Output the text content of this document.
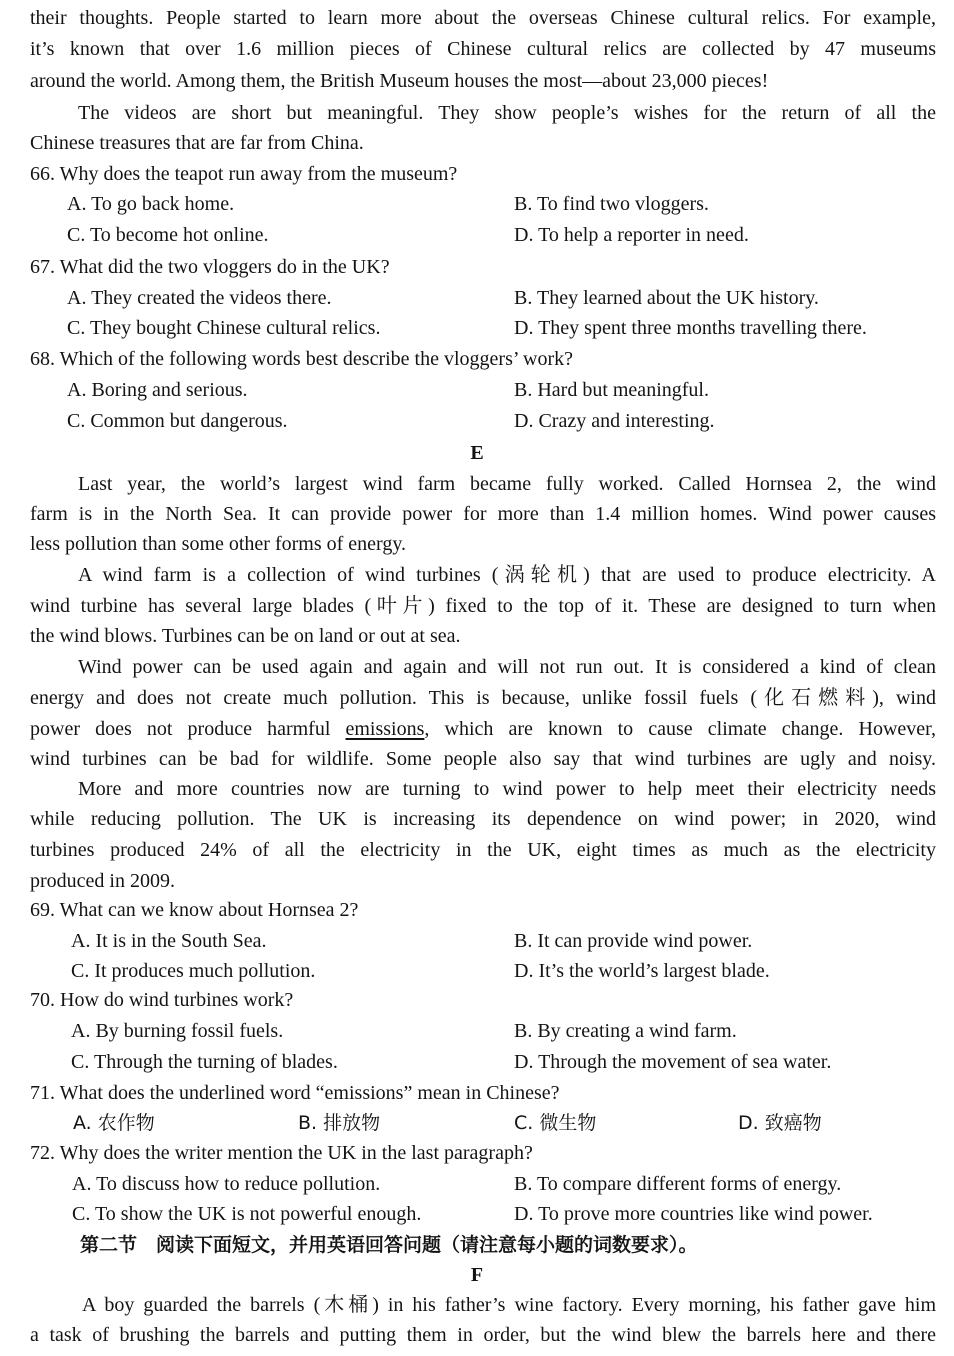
their thoughts. People started to learn more about the overseas Chinese cultural relics. For example,
it’s known that over 1.6 million pieces of Chinese cultural relics are collected by 47 museums
around the world. Among them, the British Museum houses the most—about 23,000 pieces!
The videos are short but meaningful. They show people’s wishes for the return of all the
Chinese treasures that are far from China.
66. Why does the teapot run away from the museum?
A. To go back home.	B. To find two vloggers.
C. To become hot online.	D. To help a reporter in need.
67. What did the two vloggers do in the UK?
A. They created the videos there.	B. They learned about the UK history.
C. They bought Chinese cultural relics.	D. They spent three months travelling there.
68. Which of the following words best describe the vloggers’ work?
A. Boring and serious.	B. Hard but meaningful.
C. Common but dangerous.	D. Crazy and interesting.
E
Last year, the world’s largest wind farm became fully worked. Called Hornsea 2, the wind
farm is in the North Sea. It can provide power for more than 1.4 million homes. Wind power causes
less pollution than some other forms of energy.
A wind farm is a collection of wind turbines (涡轮机) that are used to produce electricity. A
wind turbine has several large blades (叶片) fixed to the top of it. These are designed to turn when
the wind blows. Turbines can be on land or out at sea.
Wind power can be used again and again and will not run out. It is considered a kind of clean
energy and does not create much pollution. This is because, unlike fossil fuels (化石燃料), wind
power does not produce harmful emissions, which are known to cause climate change. However,
wind turbines can be bad for wildlife. Some people also say that wind turbines are ugly and noisy.
More and more countries now are turning to wind power to help meet their electricity needs
while reducing pollution. The UK is increasing its dependence on wind power; in 2020, wind
turbines produced 24% of all the electricity in the UK, eight times as much as the electricity
produced in 2009.
69. What can we know about Hornsea 2?
A. It is in the South Sea.	B. It can provide wind power.
C. It produces much pollution.	D. It’s the world’s largest blade.
70. How do wind turbines work?
A. By burning fossil fuels.	B. By creating a wind farm.
C. Through the turning of blades.	D. Through the movement of sea water.
71. What does the underlined word “emissions” mean in Chinese?
A. 农作物	B. 排放物	C. 微生物	D. 致癌物
72. Why does the writer mention the UK in the last paragraph?
A. To discuss how to reduce pollution.	B. To compare different forms of energy.
C. To show the UK is not powerful enough.	D. To prove more countries like wind power.
第二节　阅读下面短文，并用英语回答问题（请注意每小题的词数要求）。
F
A boy guarded the barrels (木桶) in his father’s wine factory. Every morning, his father gave him
a task of brushing the barrels and putting them in order, but the wind blew the barrels here and there
